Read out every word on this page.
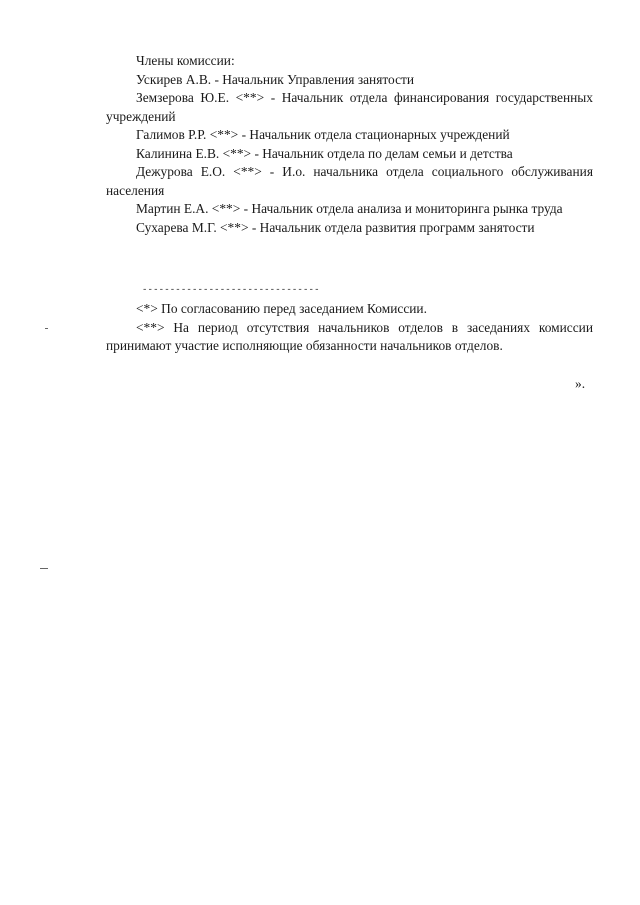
Члены комиссии:

Ускирев А.В. - Начальник Управления занятости

Земзерова Ю.Е. <**> - Начальник отдела финансирования государственных учреждений

Галимов Р.Р. <**> - Начальник отдела стационарных учреждений

Калинина Е.В. <**> - Начальник отдела по делам семьи и детства

Дежурова Е.О. <**> - И.о. начальника отдела социального обслуживания населения

Мартин Е.А. <**> - Начальник отдела анализа и мониторинга рынка труда

Сухарева М.Г. <**> - Начальник отдела развития программ занятости

--------------------------------

<*> По согласованию перед заседанием Комиссии.

<**> На период отсутствия начальников отделов в заседаниях комиссии принимают участие исполняющие обязанности начальников отделов.

».
